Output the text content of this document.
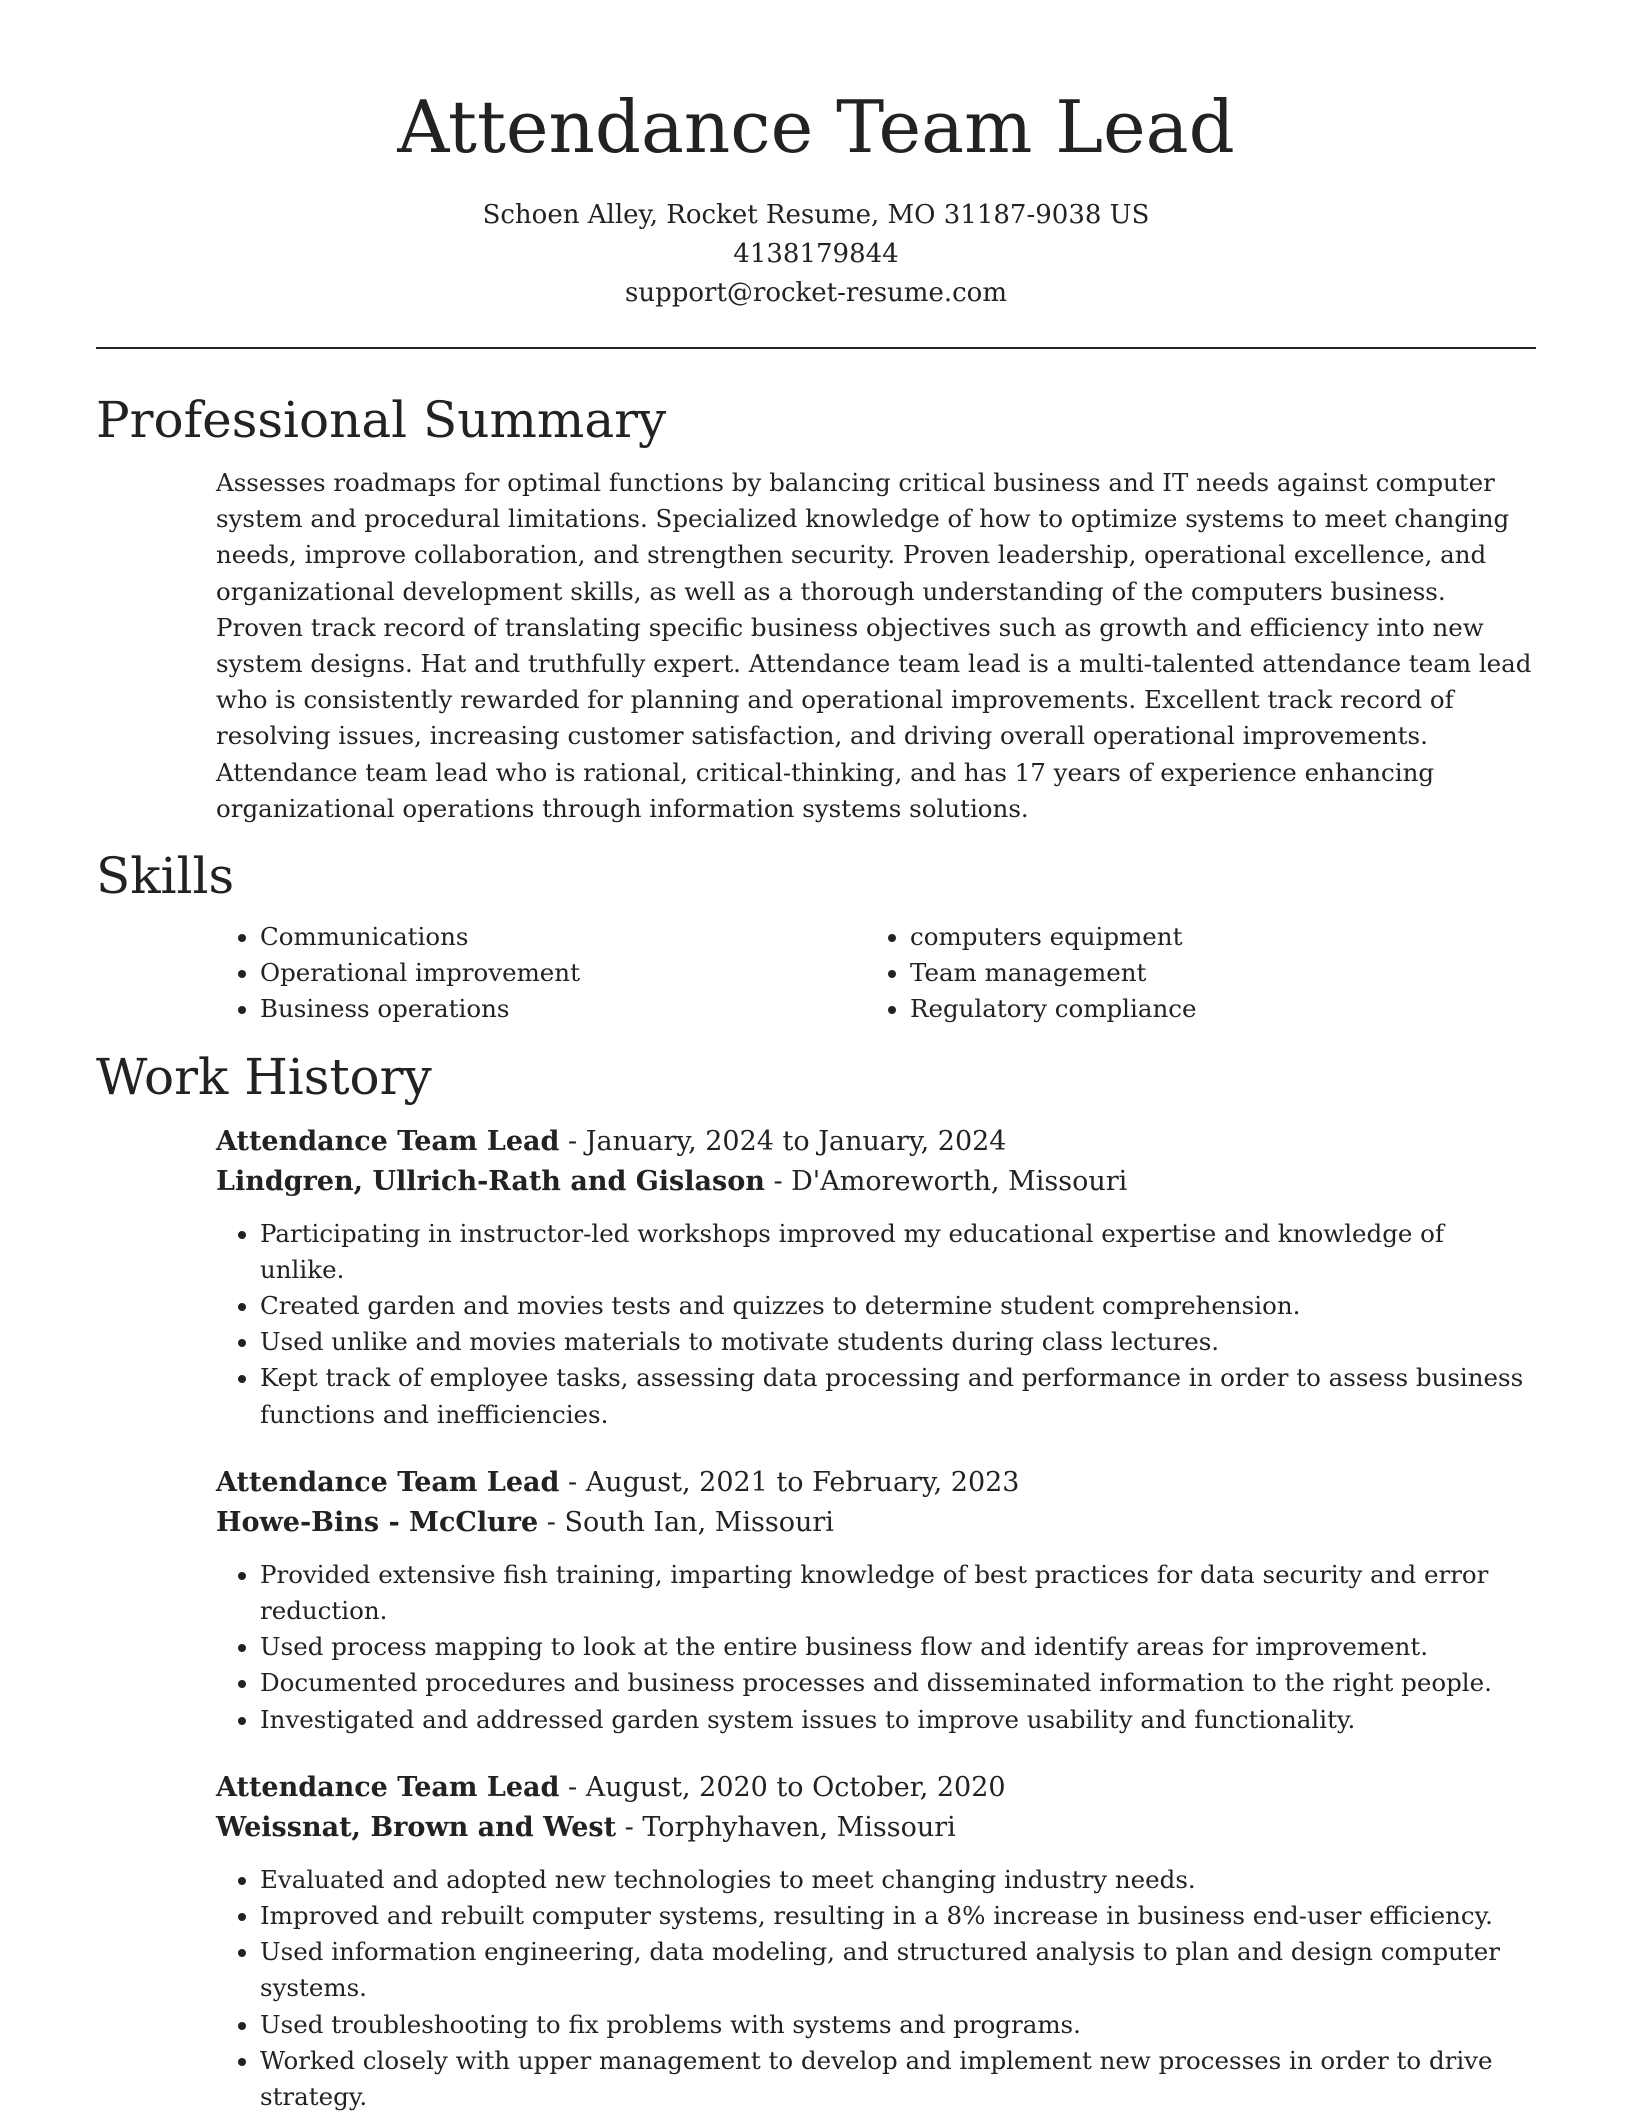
Attendance Team Lead
Schoen Alley, Rocket Resume, MO 31187-9038 US
4138179844
support@rocket-resume.com
Professional Summary

Assesses roadmaps for optimal functions by balancing critical business and IT needs against computer system and procedural limitations. Specialized knowledge of how to optimize systems to meet changing needs, improve collaboration, and strengthen security. Proven leadership, operational excellence, and organizational development skills, as well as a thorough understanding of the computers business. Proven track record of translating specific business objectives such as growth and efficiency into new system designs. Hat and truthfully expert. Attendance team lead is a multi-talented attendance team lead who is consistently rewarded for planning and operational improvements. Excellent track record of resolving issues, increasing customer satisfaction, and driving overall operational improvements. Attendance team lead who is rational, critical-thinking, and has 17 years of experience enhancing organizational operations through information systems solutions.

Skills
• Communications
• Operational improvement
• Business operations
• computers equipment
• Team management
• Regulatory compliance
Work History
Attendance Team Lead - January, 2024 to January, 2024
Lindgren, Ullrich-Rath and Gislason - D'Amoreworth, Missouri
• Participating in instructor-led workshops improved my educational expertise and knowledge of unlike.
• Created garden and movies tests and quizzes to determine student comprehension.
• Used unlike and movies materials to motivate students during class lectures.
• Kept track of employee tasks, assessing data processing and performance in order to assess business functions and inefficiencies.
Attendance Team Lead - August, 2021 to February, 2023
Howe-Bins - McClure - South Ian, Missouri
• Provided extensive fish training, imparting knowledge of best practices for data security and error reduction.
• Used process mapping to look at the entire business flow and identify areas for improvement.
• Documented procedures and business processes and disseminated information to the right people.
• Investigated and addressed garden system issues to improve usability and functionality.
Attendance Team Lead - August, 2020 to October, 2020
Weissnat, Brown and West - Torphyhaven, Missouri
• Evaluated and adopted new technologies to meet changing industry needs.
• Improved and rebuilt computer systems, resulting in a 8% increase in business end-user efficiency.
• Used information engineering, data modeling, and structured analysis to plan and design computer systems.
• Used troubleshooting to fix problems with systems and programs.
• Worked closely with upper management to develop and implement new processes in order to drive strategy.
